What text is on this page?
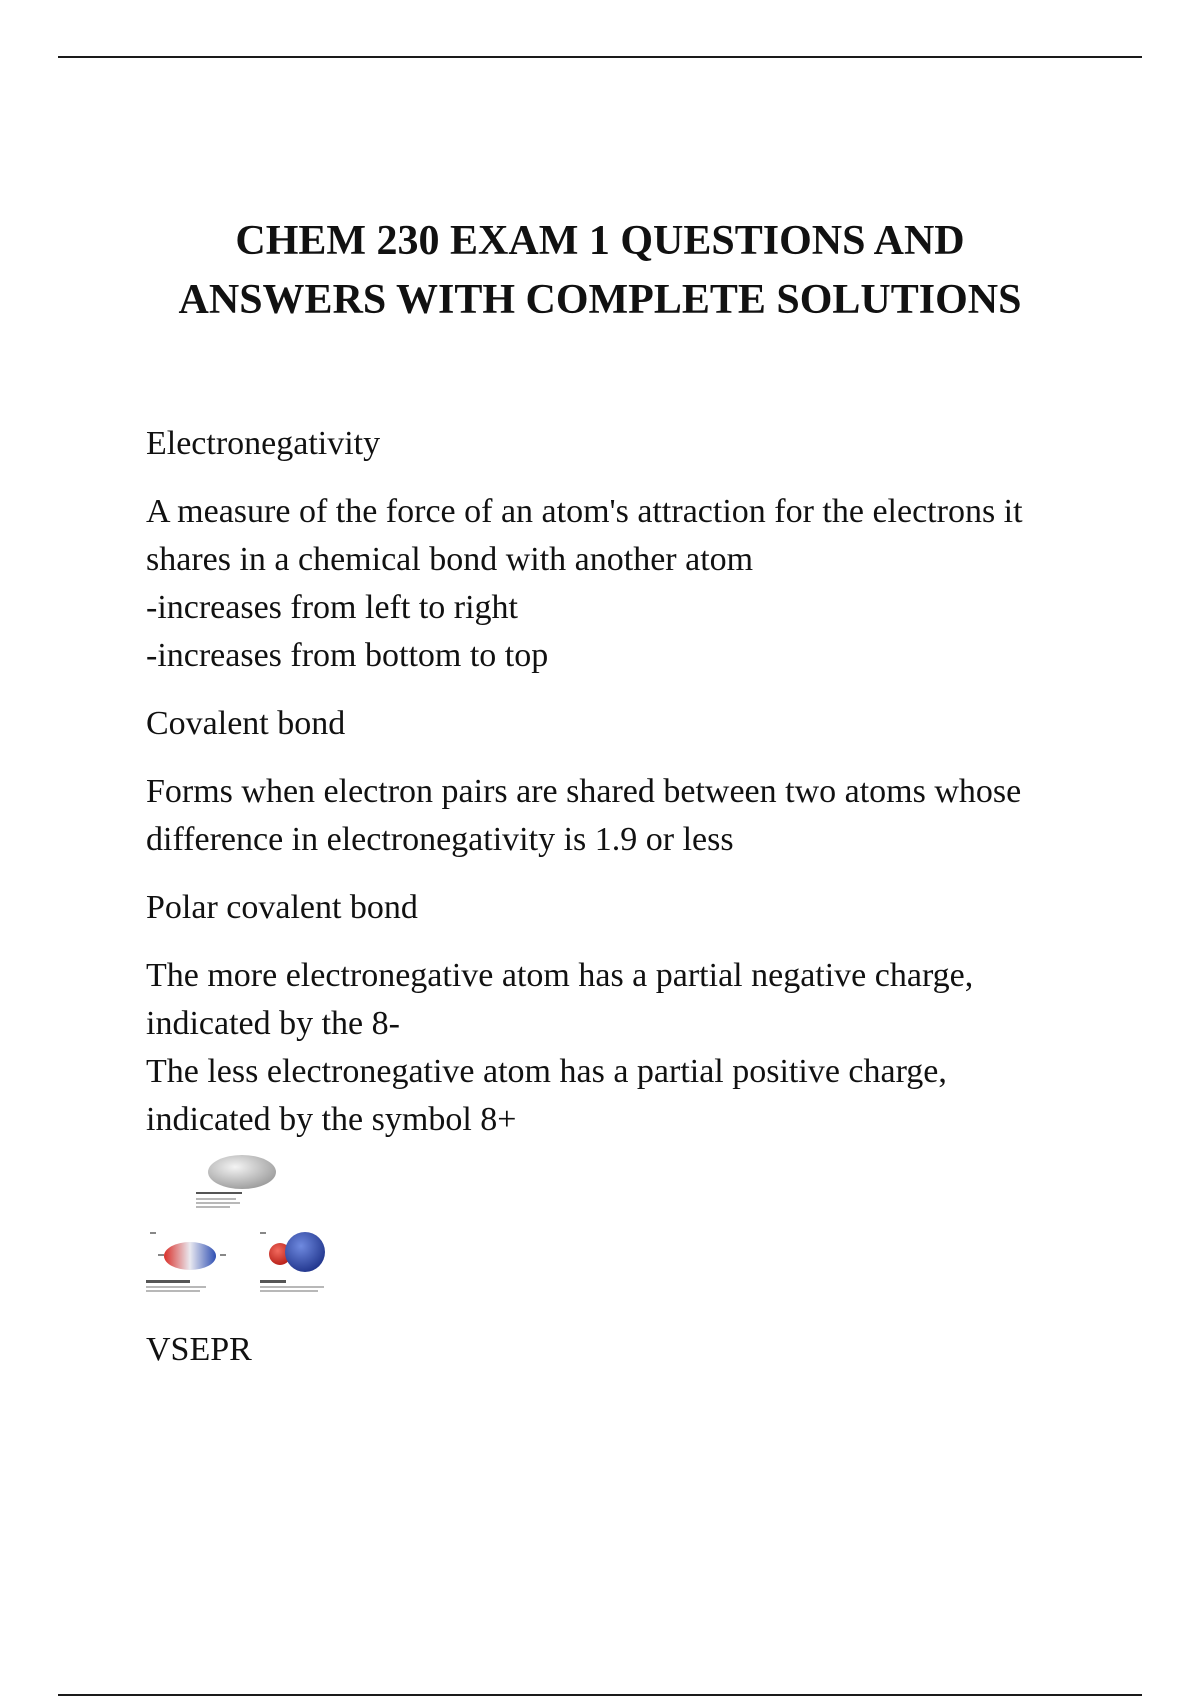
CHEM 230 EXAM 1 QUESTIONS AND
ANSWERS WITH COMPLETE SOLUTIONS

Electronegativity

A measure of the force of an atom's attraction for the electrons it
shares in a chemical bond with another atom
-increases from left to right
-increases from bottom to top

Covalent bond

Forms when electron pairs are shared between two atoms whose
difference in electronegativity is 1.9 or less

Polar covalent bond

The more electronegative atom has a partial negative charge,
indicated by the 8-
The less electronegative atom has a partial positive charge,
indicated by the symbol 8+

VSEPR
